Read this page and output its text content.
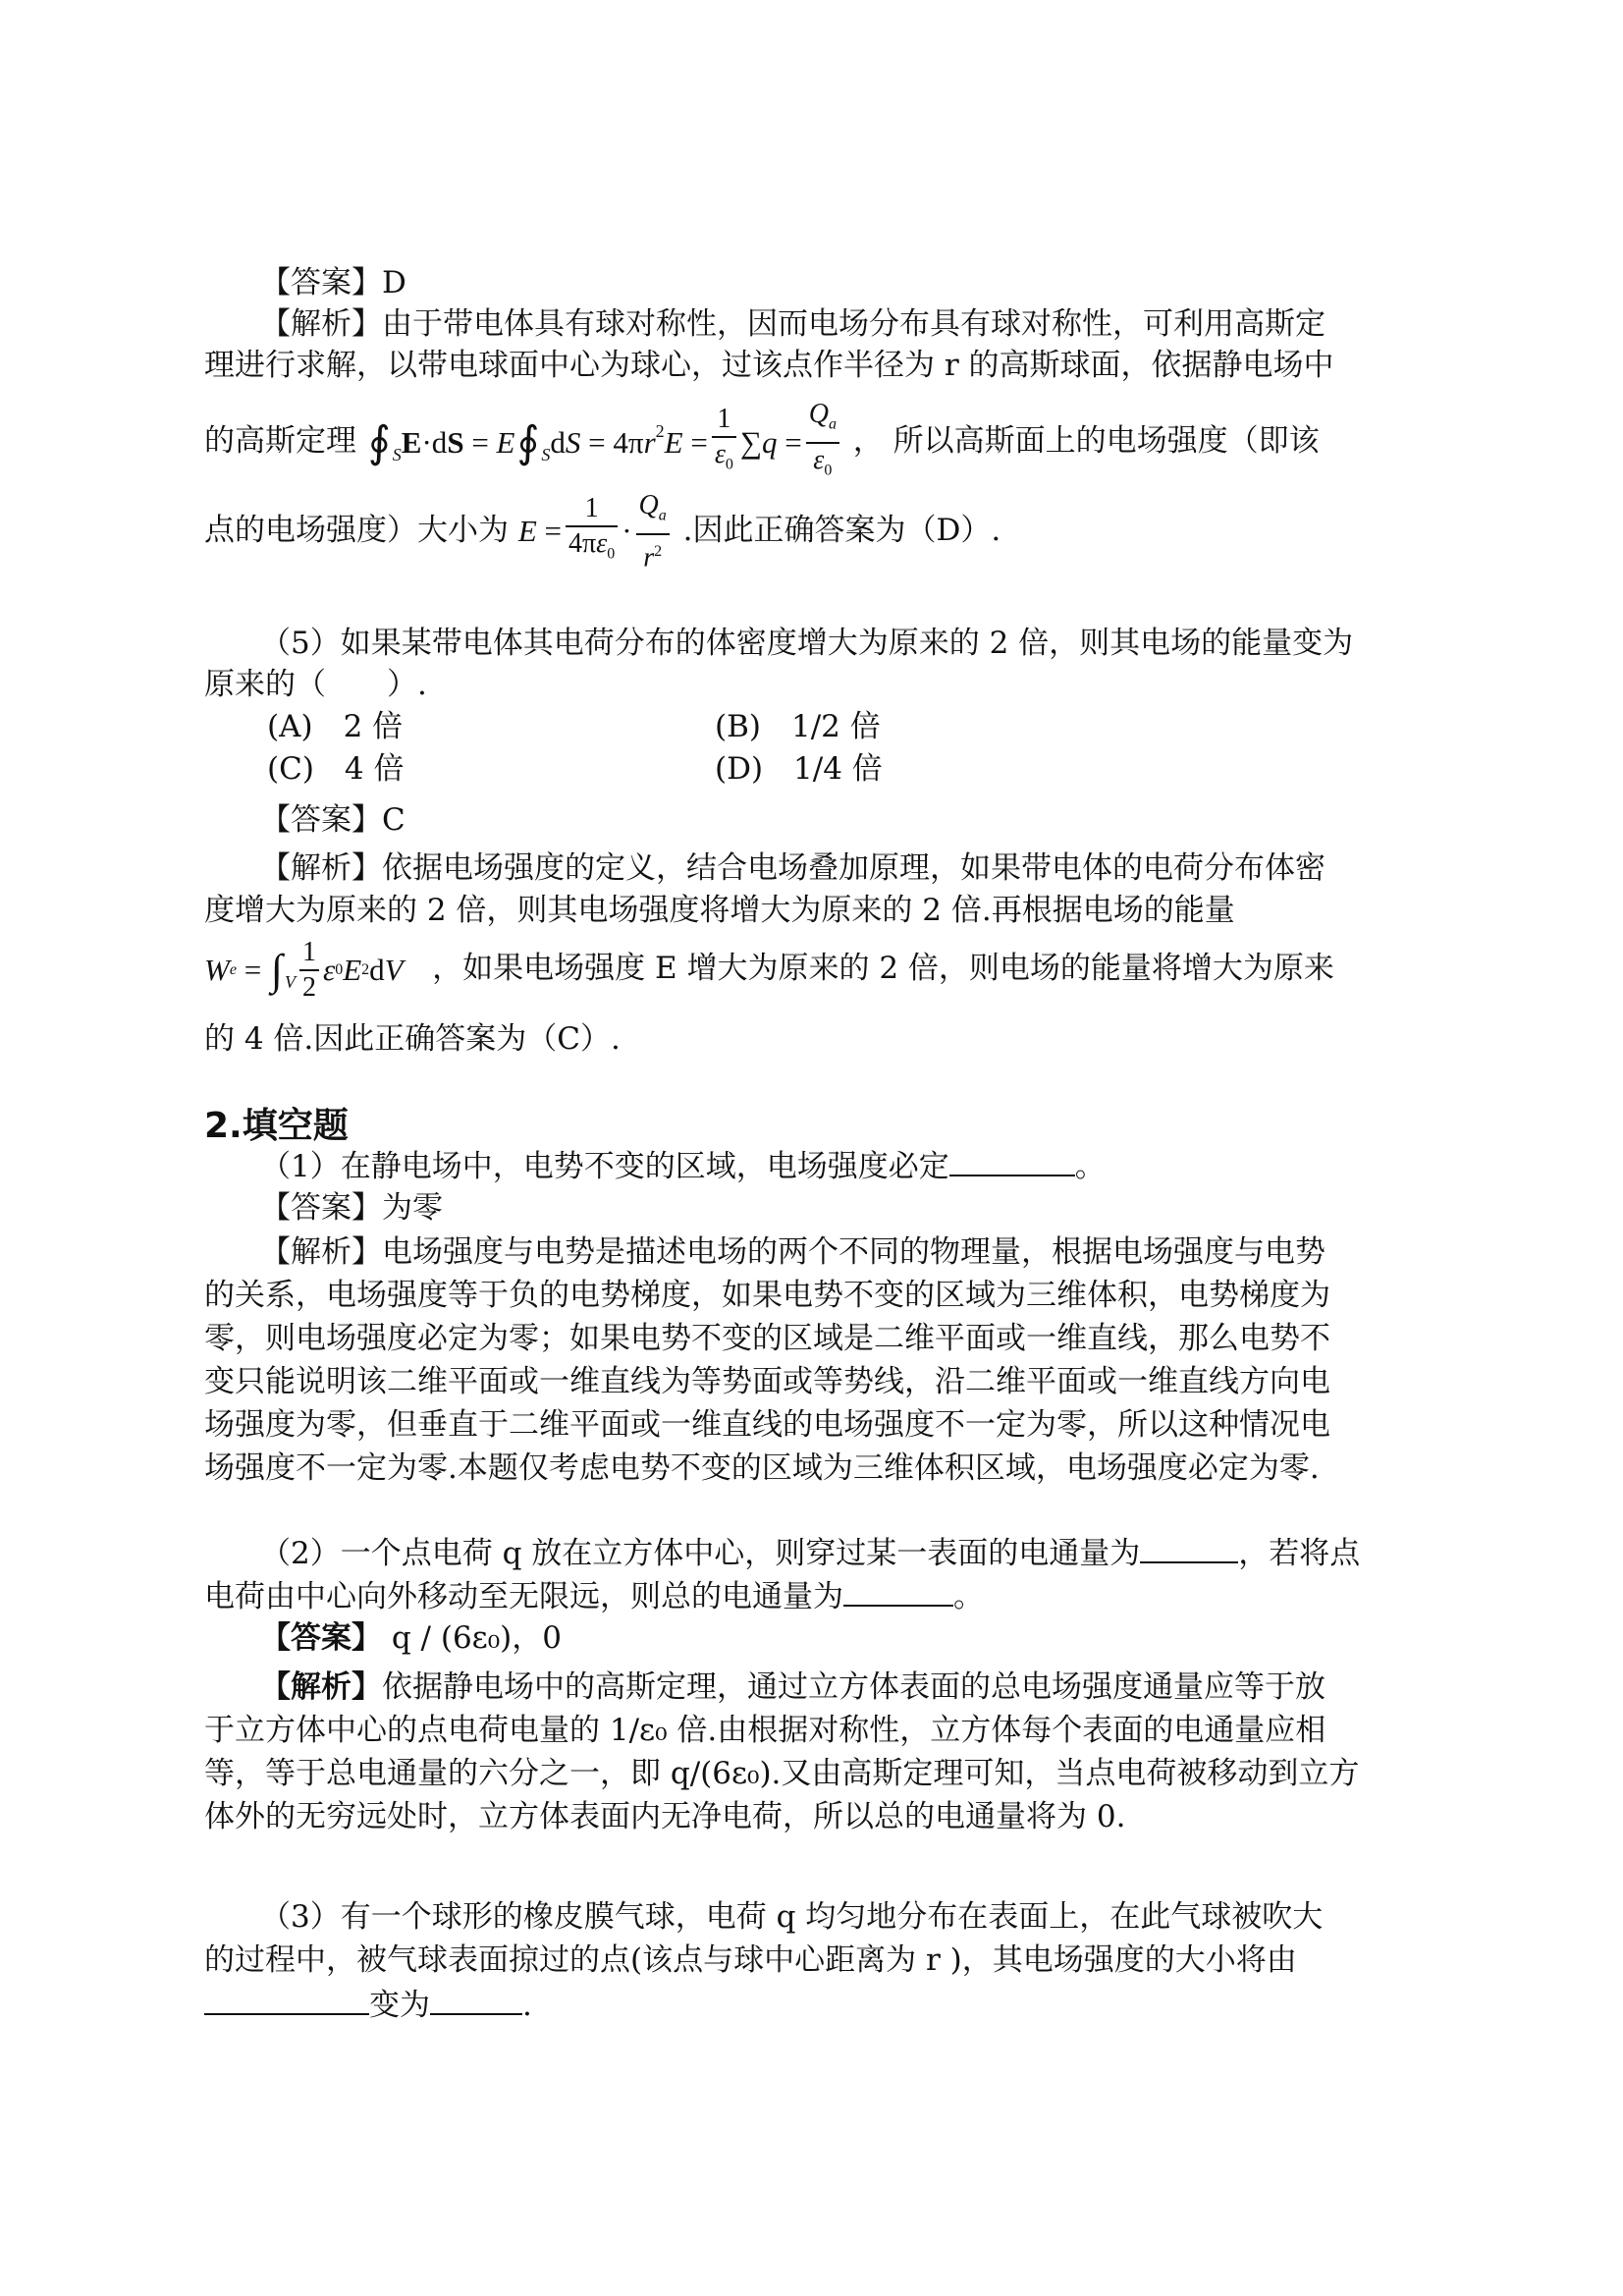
【答案】D
【解析】由于带电体具有球对称性，因而电场分布具有球对称性，可利用高斯定
理进行求解，以带电球面中心为球心，过该点作半径为 r 的高斯球面，依据静电场中
的高斯定理 ∮ S E ·d S = E ∮ S d S = 4π r 2 $E = \frac{1}{\varepsilon_0}$ ∑ $q = \frac{Q_a}{\varepsilon_0}$ ， 所以高斯面上的电场强度（即该
点的电场强度）大小为 $E = \frac{1}{4\pi\varepsilon_0} \cdot \frac{Q_a}{r^2}$ .因此正确答案为（D）.
（5）如果某带电体其电荷分布的体密度增大为原来的 2 倍，则其电场的能量变为
原来的（　　）.
(A)　2 倍	(B)　1/2 倍
(C)　4 倍	(D)　1/4 倍
【答案】C
【解析】依据电场强度的定义，结合电场叠加原理，如果带电体的电荷分布体密
度增大为原来的 2 倍，则其电场强度将增大为原来的 2 倍.再根据电场的能量
W e = ∫ V $\frac{1}{2}$ ε 0 E 2 d V ，如果电场强度 E 增大为原来的 2 倍，则电场的能量将增大为原来
的 4 倍.因此正确答案为（C）.
2.填空题
（1）在静电场中，电势不变的区域，电场强度必定	。
【答案】为零
【解析】电场强度与电势是描述电场的两个不同的物理量，根据电场强度与电势
的关系，电场强度等于负的电势梯度，如果电势不变的区域为三维体积，电势梯度为
零，则电场强度必定为零；如果电势不变的区域是二维平面或一维直线，那么电势不
变只能说明该二维平面或一维直线为等势面或等势线，沿二维平面或一维直线方向电
场强度为零，但垂直于二维平面或一维直线的电场强度不一定为零，所以这种情况电
场强度不一定为零.本题仅考虑电势不变的区域为三维体积区域，电场强度必定为零.
（2）一个点电荷 q 放在立方体中心，则穿过某一表面的电通量为	，若将点
电荷由中心向外移动至无限远，则总的电通量为	。
【答案】 q / (6ε₀)，0
【解析】依据静电场中的高斯定理，通过立方体表面的总电场强度通量应等于放
于立方体中心的点电荷电量的 1/ε₀ 倍.由根据对称性，立方体每个表面的电通量应相
等，等于总电通量的六分之一，即 q/(6ε₀).又由高斯定理可知，当点电荷被移动到立方
体外的无穷远处时，立方体表面内无净电荷，所以总的电通量将为 0.
（3）有一个球形的橡皮膜气球，电荷 q 均匀地分布在表面上，在此气球被吹大
的过程中，被气球表面掠过的点(该点与球中心距离为 r )，其电场强度的大小将由
变为	.
